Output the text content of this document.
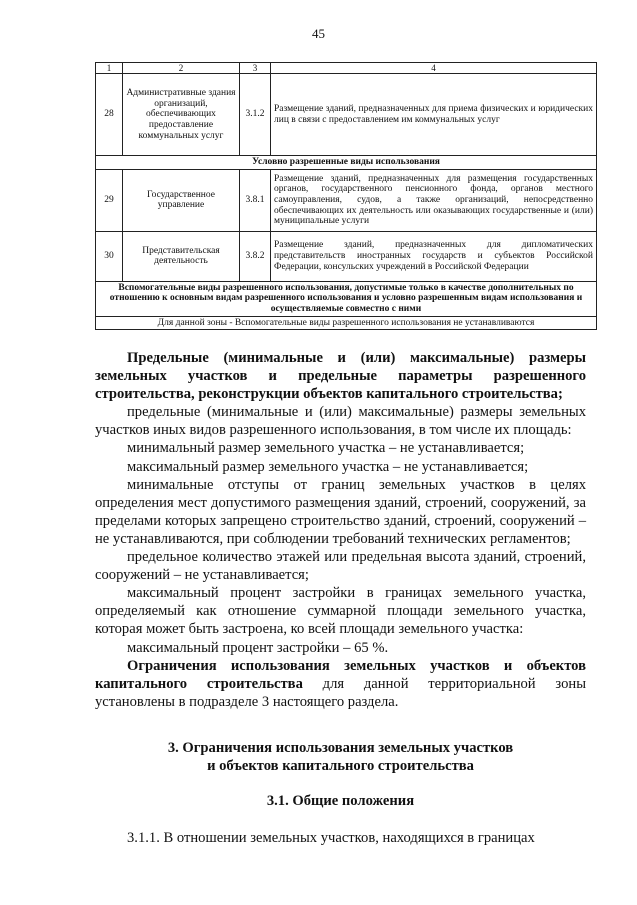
45
1	2	3	4
28	Административные здания организаций, обеспечивающих предоставление коммунальных услуг	3.1.2	Размещение зданий, предназначенных для приема физических и юридических лиц в связи с предоставлением им коммунальных услуг
Условно разрешенные виды использования			
29	Государственное управление	3.8.1	Размещение зданий, предназначенных для размещения государственных органов, государственного пенсионного фонда, органов местного самоуправления, судов, а также организаций, непосредственно обеспечивающих их деятельность или оказывающих государственные и (или) муниципальные услуги
30	Представительская деятельность	3.8.2	Размещение зданий, предназначенных для дипломатических представительств иностранных государств и субъектов Российской Федерации, консульских учреждений в Российской Федерации
Вспомогательные виды разрешенного использования, допустимые только в качестве дополнительных по отношению к основным видам разрешенного использования и условно разрешенным видам использования и осуществляемые совместно с ними			
Для данной зоны - Вспомогательные виды разрешенного использования не устанавливаются			

Предельные (минимальные и (или) максимальные) размеры земельных участков и предельные параметры разрешенного строительства, реконструкции объектов капитального строительства;

предельные (минимальные и (или) максимальные) размеры земельных участков иных видов разрешенного использования, в том числе их площадь:

минимальный размер земельного участка – не устанавливается;

максимальный размер земельного участка – не устанавливается;

минимальные отступы от границ земельных участков в целях определения мест допустимого размещения зданий, строений, сооружений, за пределами которых запрещено строительство зданий, строений, сооружений – не устанавливаются, при соблюдении требований технических регламентов;

предельное количество этажей или предельная высота зданий, строений, сооружений – не устанавливается;

максимальный процент застройки в границах земельного участка, определяемый как отношение суммарной площади земельного участка, которая может быть застроена, ко всей площади земельного участка:

максимальный процент застройки – 65 %.

Ограничения использования земельных участков и объектов капитального строительства для данной территориальной зоны установлены в подразделе 3 настоящего раздела.

3. Ограничения использования земельных участков
и объектов капитального строительства
3.1. Общие положения
3.1.1. В отношении земельных участков, находящихся в границах
